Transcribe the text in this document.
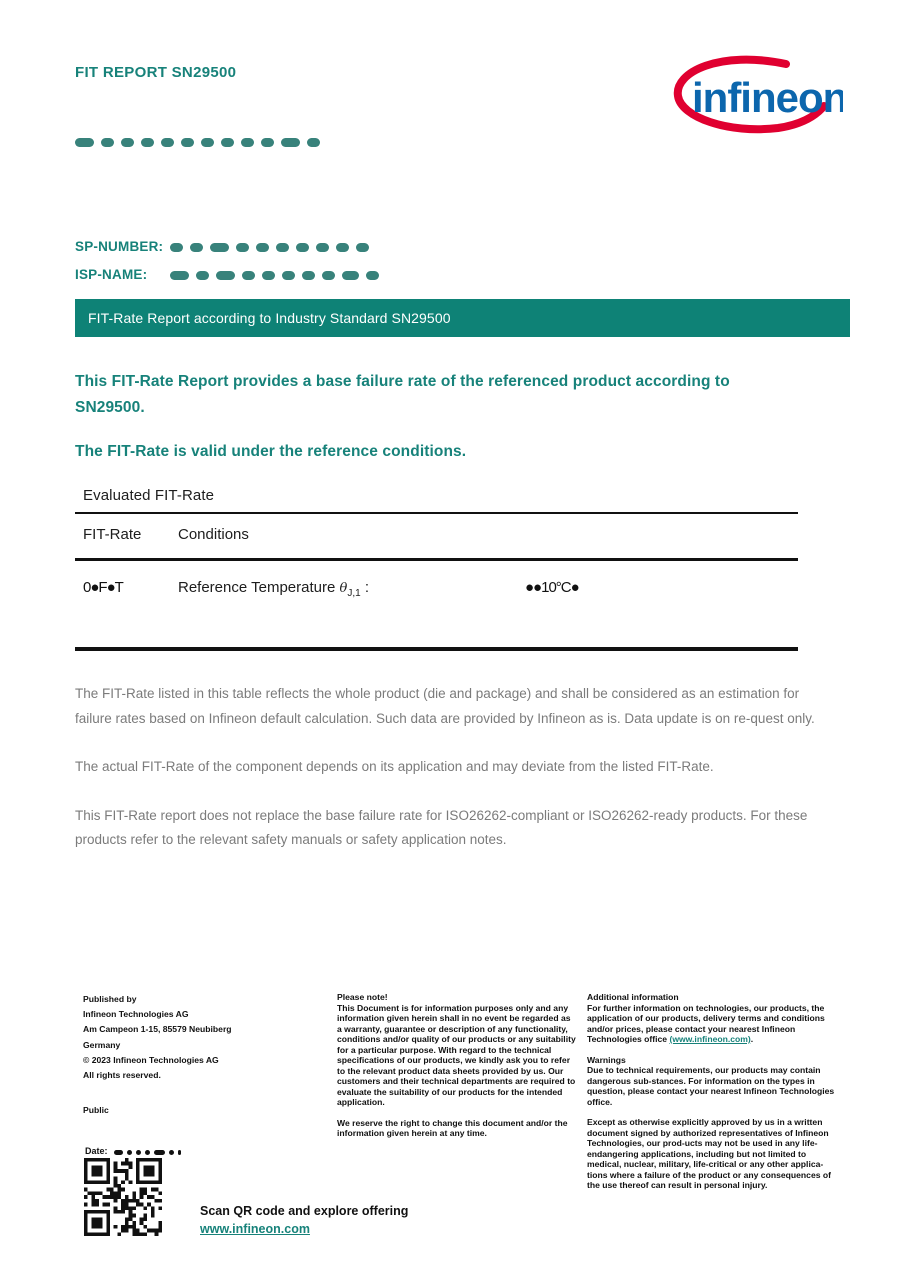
FIT REPORT SN29500
infineon
SP-NUMBER:
ISP-NAME:
FIT-Rate Report according to Industry Standard SN29500
This FIT-Rate Report provides a base failure rate of the referenced product according to SN29500.
The FIT-Rate is valid under the reference conditions.
Evaluated FIT-Rate
FIT-Rate Conditions
0●F●T	Reference Temperature $\theta_{J,1}$ :	●●10°C●

The FIT-Rate listed in this table reflects the whole product (die and package) and shall be considered as an estimation for failure rates based on Infineon default calculation. Such data are provided by Infineon as is. Data update is on re-quest only.

The actual FIT-Rate of the component depends on its application and may deviate from the listed FIT-Rate.

This FIT-Rate report does not replace the base failure rate for ISO26262-compliant or ISO26262-ready products. For these products refer to the relevant safety manuals or safety application notes.

Published by
Infineon Technologies AG
Am Campeon 1-15, 85579 Neubiberg
Germany
© 2023 Infineon Technologies AG
All rights reserved.
Public
Please note!
This Document is for information purposes only and any information given herein shall in no event be regarded as a warranty, guarantee or description of any functionality, conditions and/or quality of our products or any suitability for a particular purpose. With regard to the technical specifications of our products, we kindly ask you to refer to the relevant product data sheets provided by us. Our customers and their technical departments are required to evaluate the suitability of our products for the intended application.
We reserve the right to change this document and/or the information given herein at any time.
Additional information
For further information on technologies, our products, the application of our products, delivery terms and conditions and/or prices, please contact your nearest Infineon Technologies office (www.infineon.com).
Warnings
Due to technical requirements, our products may contain dangerous sub-stances. For information on the types in question, please contact your nearest Infineon Technologies office.
Except as otherwise explicitly approved by us in a written document signed by authorized representatives of Infineon Technologies, our prod-ucts may not be used in any life-endangering applications, including but not limited to medical, nuclear, military, life-critical or any other applica-tions where a failure of the product or any consequences of the use thereof can result in personal injury.
Date:
Scan QR code and explore offering
www.infineon.com
